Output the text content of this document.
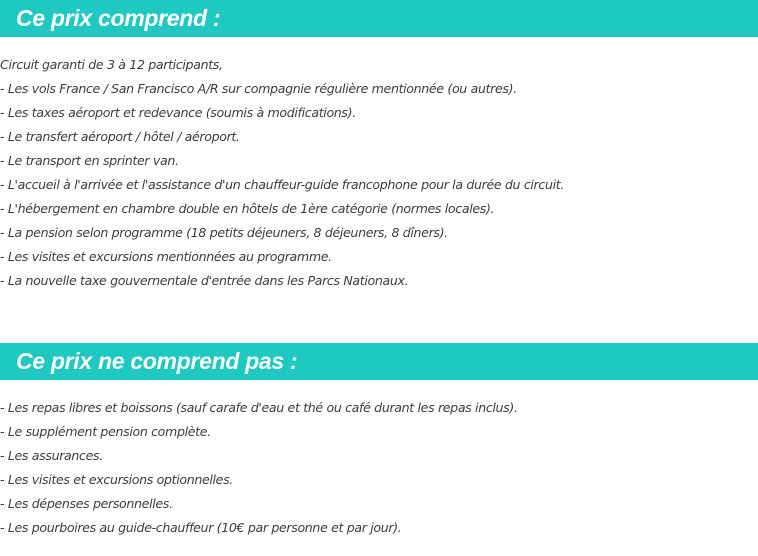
Ce prix comprend :
Circuit garanti de 3 à 12 participants,
- Les vols France / San Francisco A/R sur compagnie régulière mentionnée (ou autres).
- Les taxes aéroport et redevance (soumis à modifications).
- Le transfert aéroport / hôtel / aéroport.
- Le transport en sprinter van.
- L'accueil à l'arrivée et l'assistance d'un chauffeur-guide francophone pour la durée du circuit.
- L'hébergement en chambre double en hôtels de 1ère catégorie (normes locales).
- La pension selon programme (18 petits déjeuners, 8 déjeuners, 8 dîners).
- Les visites et excursions mentionnées au programme.
- La nouvelle taxe gouvernentale d'entrée dans les Parcs Nationaux.
Ce prix ne comprend pas :
- Les repas libres et boissons (sauf carafe d'eau et thé ou café durant les repas inclus).
- Le supplément pension complète.
- Les assurances.
- Les visites et excursions optionnelles.
- Les dépenses personnelles.
- Les pourboires au guide-chauffeur (10€ par personne et par jour).
